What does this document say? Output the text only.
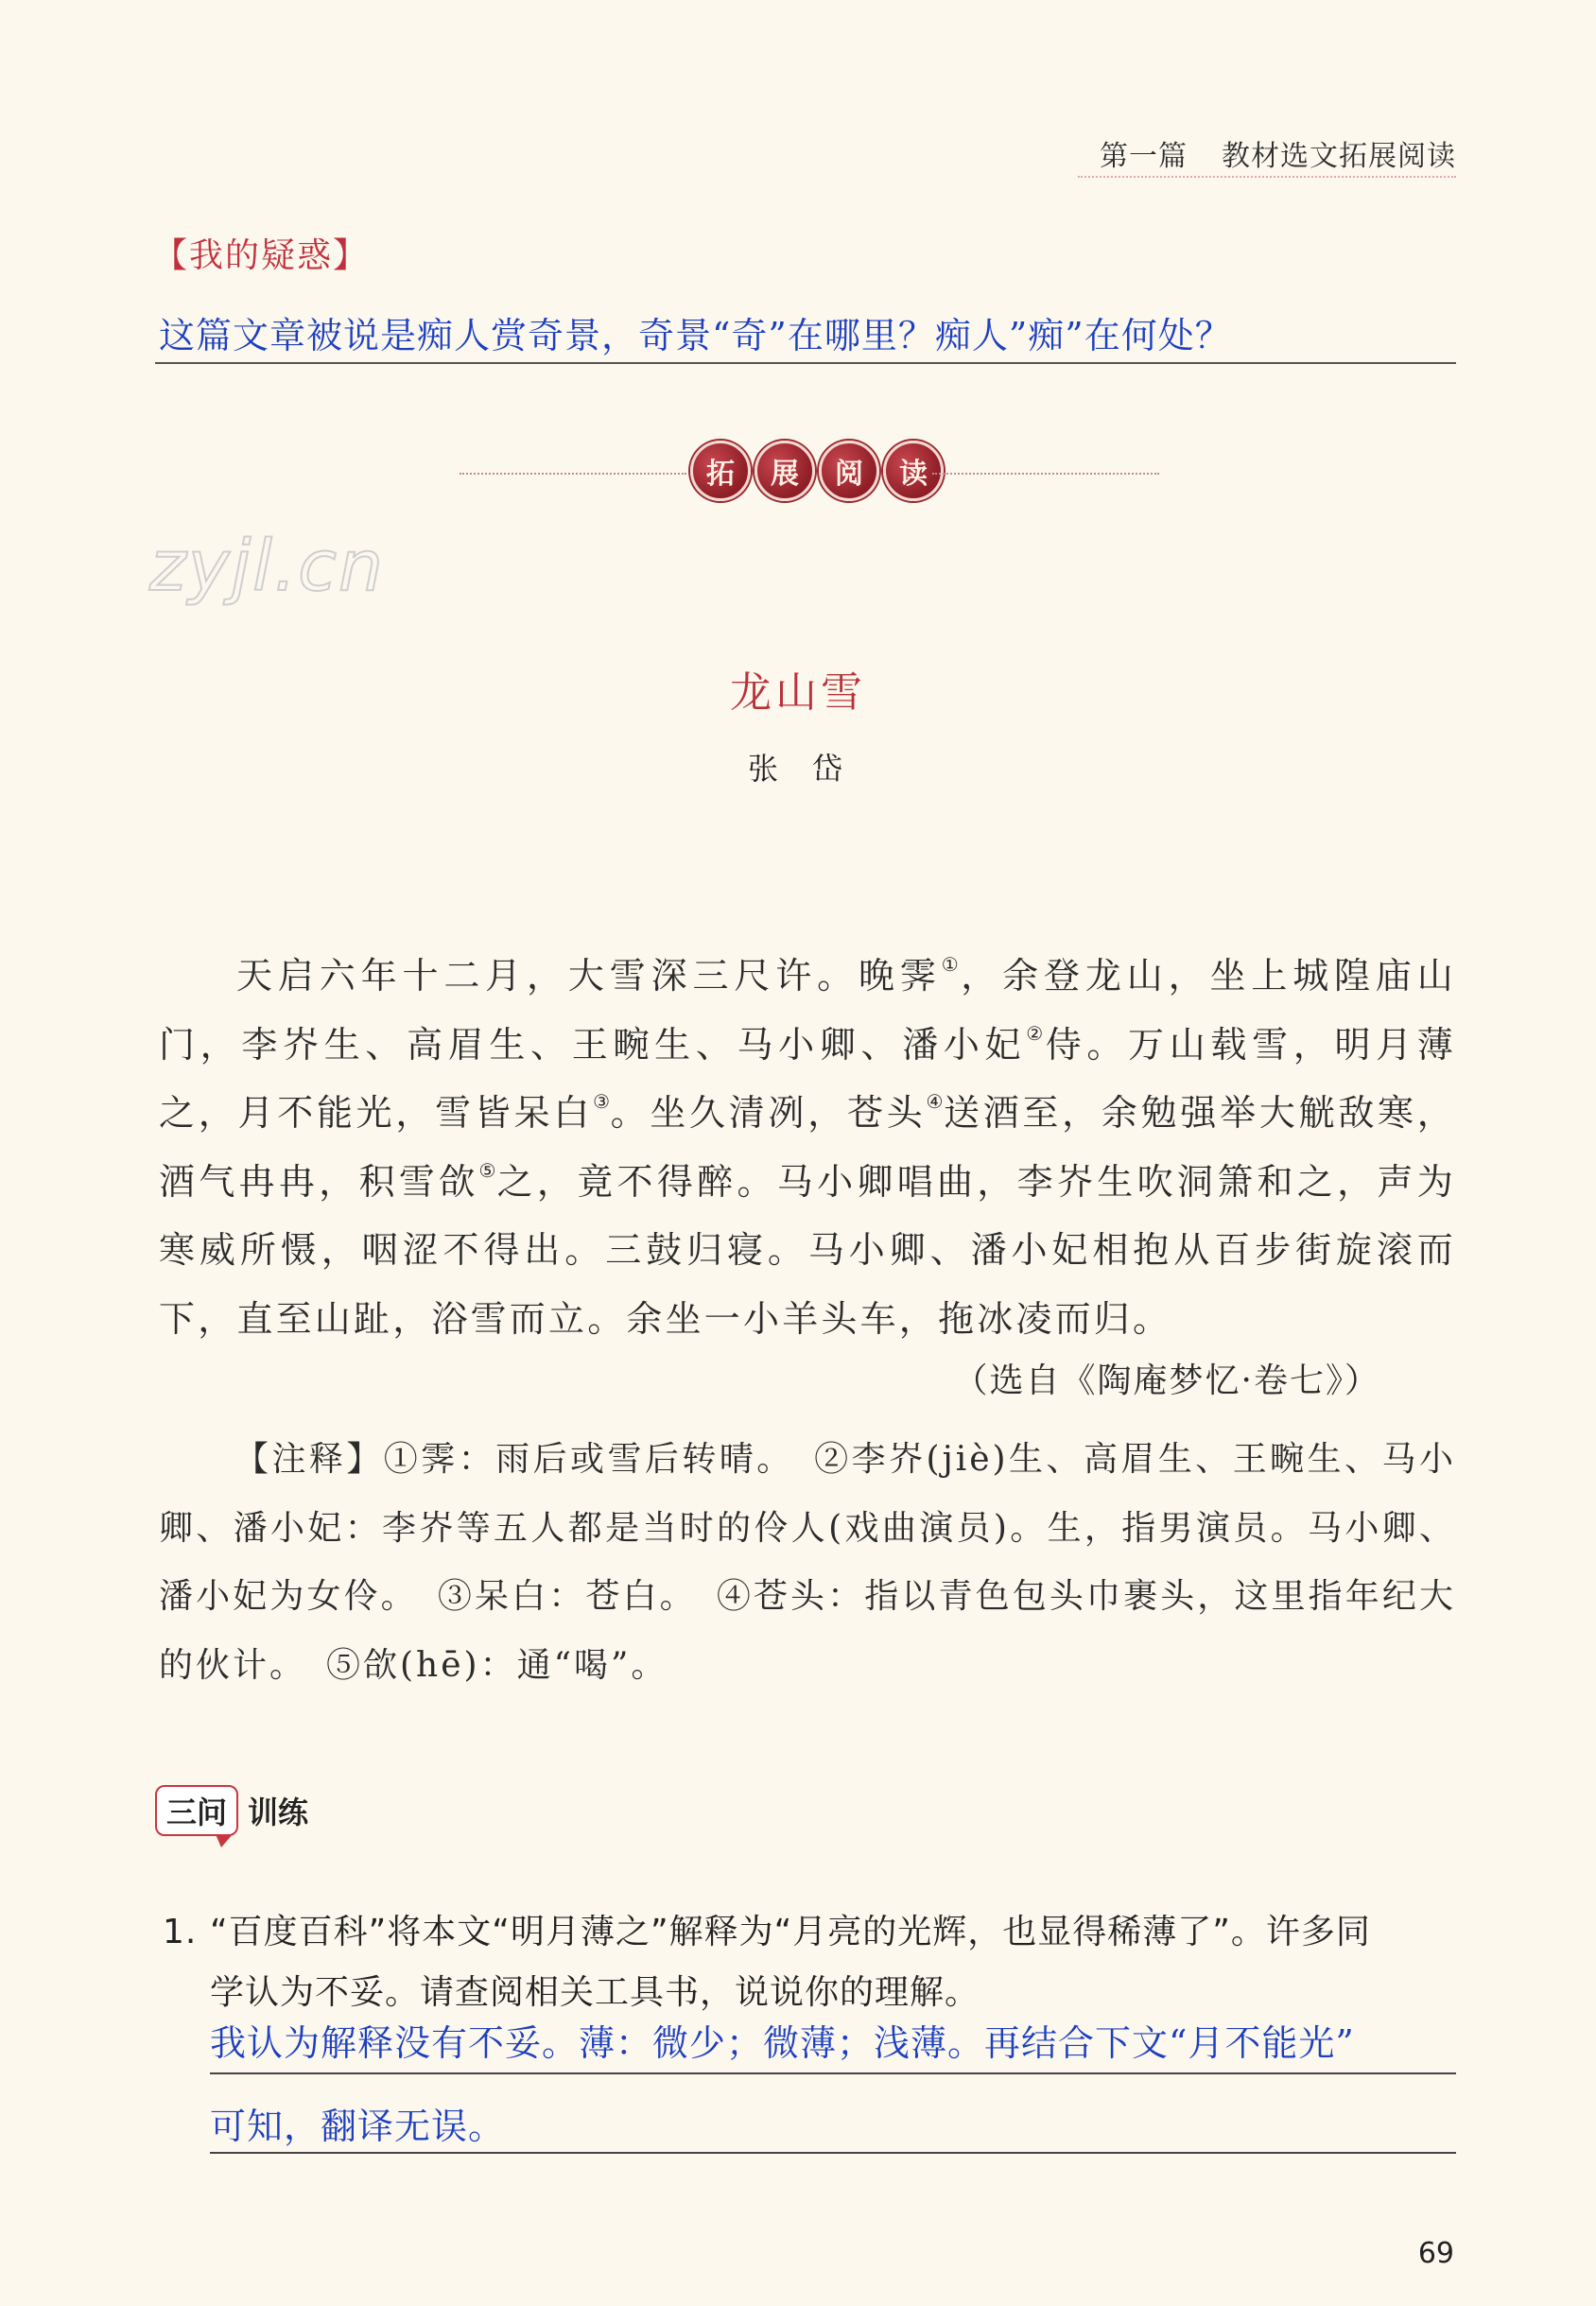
第一篇 教材选文拓展阅读
【我的疑惑】
这篇文章被说是痴人赏奇景，奇景“奇”在哪里？痴人”痴”在何处？
拓	展	阅	读
zyjl.cn
龙山雪
张岱
天启六年十二月，大雪深三尺许。晚霁①，余登龙山，坐上城隍庙山门，李岕生、高眉生、王畹生、马小卿、潘小妃②侍。万山载雪，明月薄之，月不能光，雪皆呆白③。坐久清冽，苍头④送酒至，余勉强举大觥敌寒，酒气冉冉，积雪欱⑤之，竟不得醉。马小卿唱曲，李岕生吹洞箫和之，声为寒威所慑，咽涩不得出。三鼓归寝。马小卿、潘小妃相抱从百步街旋滚而下，直至山趾，浴雪而立。余坐一小羊头车，拖冰凌而归。
（选自《陶庵梦忆·卷七》）
【注释】①霁：雨后或雪后转晴。　②李岕(jiè)生、高眉生、王畹生、马小卿、潘小妃：李岕等五人都是当时的伶人(戏曲演员)。生，指男演员。马小卿、潘小妃为女伶。　③呆白：苍白。　④苍头：指以青色包头巾裹头，这里指年纪大的伙计。　⑤欱(hē)：通“喝”。
三问 训练
1. “百度百科”将本文“明月薄之”解释为“月亮的光辉，也显得稀薄了”。许多同
学认为不妥。请查阅相关工具书，说说你的理解。
我认为解释没有不妥。薄：微少；微薄；浅薄。再结合下文“月不能光”
可知，翻译无误。
69
